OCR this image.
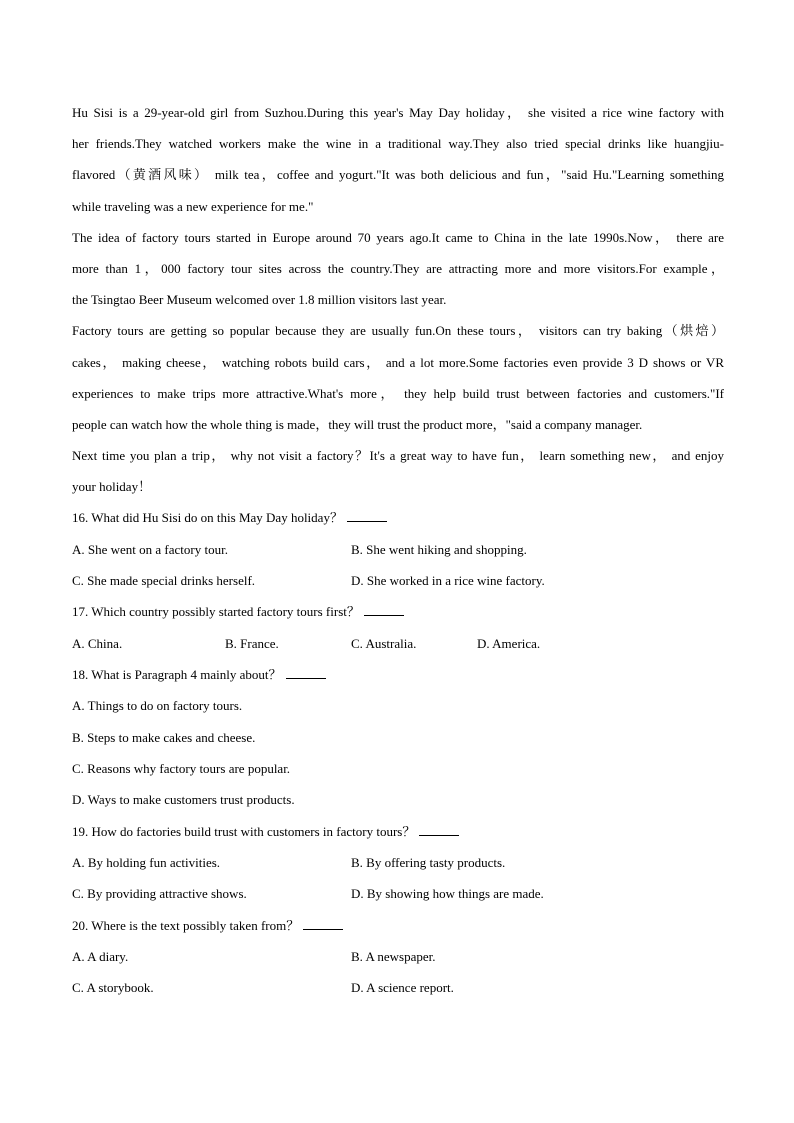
Hu Sisi is a 29-year-old girl from Suzhou.During this year's May Day holiday， she visited a rice wine factory with
her friends.They watched workers make the wine in a traditional way.They also tried special drinks like huangjiu-
flavored（黄酒风味） milk tea，coffee and yogurt."It was both delicious and fun，"said Hu."Learning something
while traveling was a new experience for me."
The idea of factory tours started in Europe around 70 years ago.It came to China in the late 1990s.Now， there are
more than 1，000 factory tour sites across the country.They are attracting more and more visitors.For example，
the Tsingtao Beer Museum welcomed over 1.8 million visitors last year.
Factory tours are getting so popular because they are usually fun.On these tours， visitors can try baking（烘焙）
cakes， making cheese， watching robots build cars， and a lot more.Some factories even provide 3 D shows or VR
experiences to make trips more attractive.What's more， they help build trust between factories and customers."If
people can watch how the whole thing is made，they will trust the product more，"said a company manager.
Next time you plan a trip， why not visit a factory？It's a great way to have fun， learn something new， and enjoy
your holiday！
16. What did Hu Sisi do on this May Day holiday？
A. She went on a factory tour.	B. She went hiking and shopping.
C. She made special drinks herself.	D. She worked in a rice wine factory.
17. Which country possibly started factory tours first？
A. China.	B. France.	C. Australia.	D. America.
18. What is Paragraph 4 mainly about？
A. Things to do on factory tours.
B. Steps to make cakes and cheese.
C. Reasons why factory tours are popular.
D. Ways to make customers trust products.
19. How do factories build trust with customers in factory tours？
A. By holding fun activities.	B. By offering tasty products.
C. By providing attractive shows.	D. By showing how things are made.
20. Where is the text possibly taken from？
A. A diary.	B. A newspaper.
C. A storybook.	D. A science report.
